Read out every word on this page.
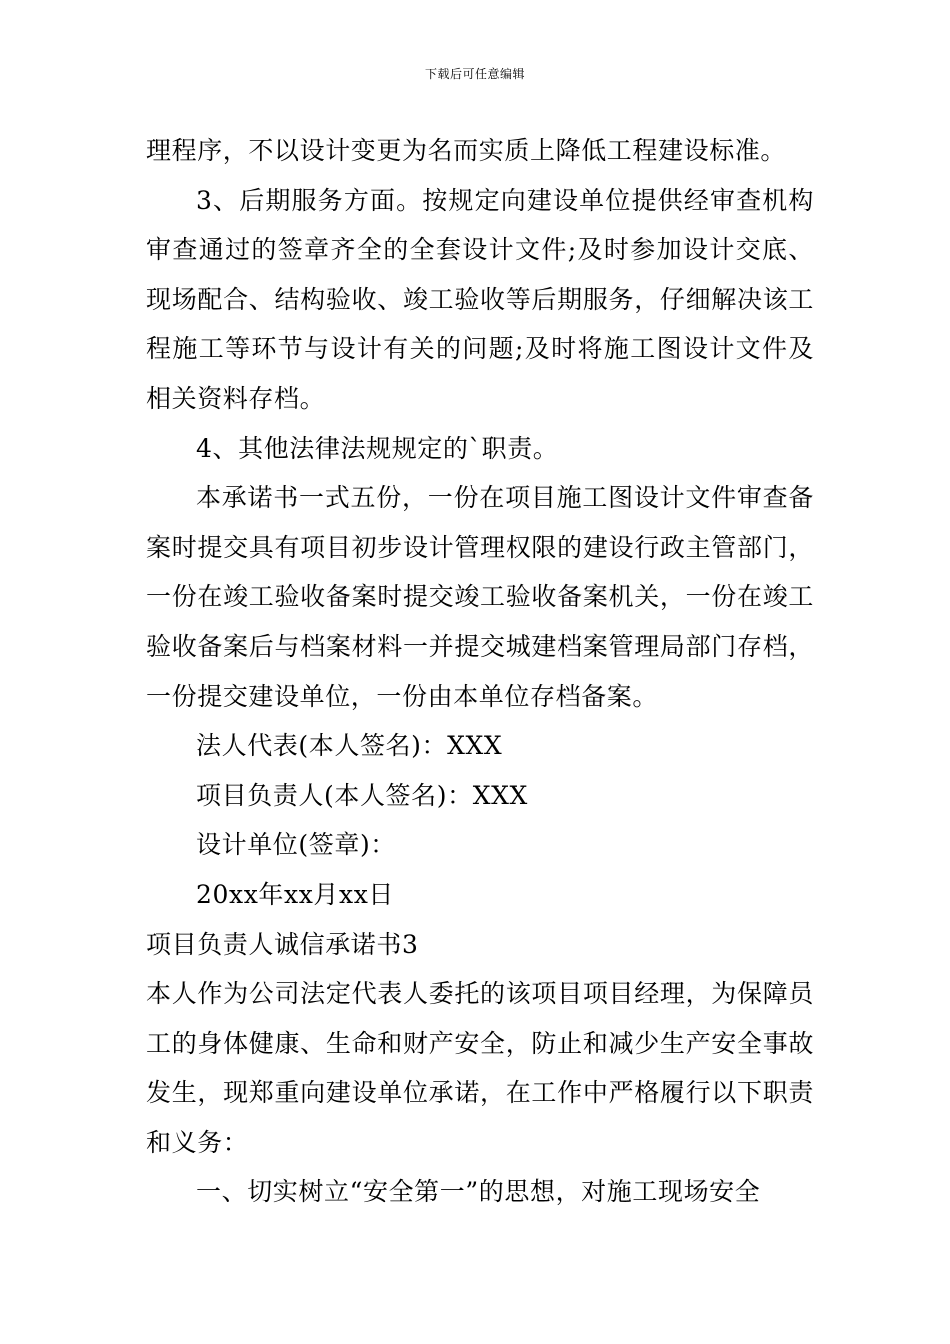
下载后可任意编辑

理程序，不以设计变更为名而实质上降低工程建设标准。

3、后期服务方面。按规定向建设单位提供经审查机构审查通过的签章齐全的全套设计文件;及时参加设计交底、现场配合、结构验收、竣工验收等后期服务，仔细解决该工程施工等环节与设计有关的问题;及时将施工图设计文件及相关资料存档。

4、其他法律法规规定的`职责。

本承诺书一式五份，一份在项目施工图设计文件审查备案时提交具有项目初步设计管理权限的建设行政主管部门，一份在竣工验收备案时提交竣工验收备案机关，一份在竣工验收备案后与档案材料一并提交城建档案管理局部门存档，一份提交建设单位，一份由本单位存档备案。

法人代表(本人签名)：XXX

项目负责人(本人签名)：XXX

设计单位(签章)：

20xx年xx月xx日

项目负责人诚信承诺书3

本人作为公司法定代表人委托的该项目项目经理，为保障员工的身体健康、生命和财产安全，防止和减少生产安全事故发生，现郑重向建设单位承诺，在工作中严格履行以下职责和义务：

一、切实树立“安全第一”的思想，对施工现场安全
